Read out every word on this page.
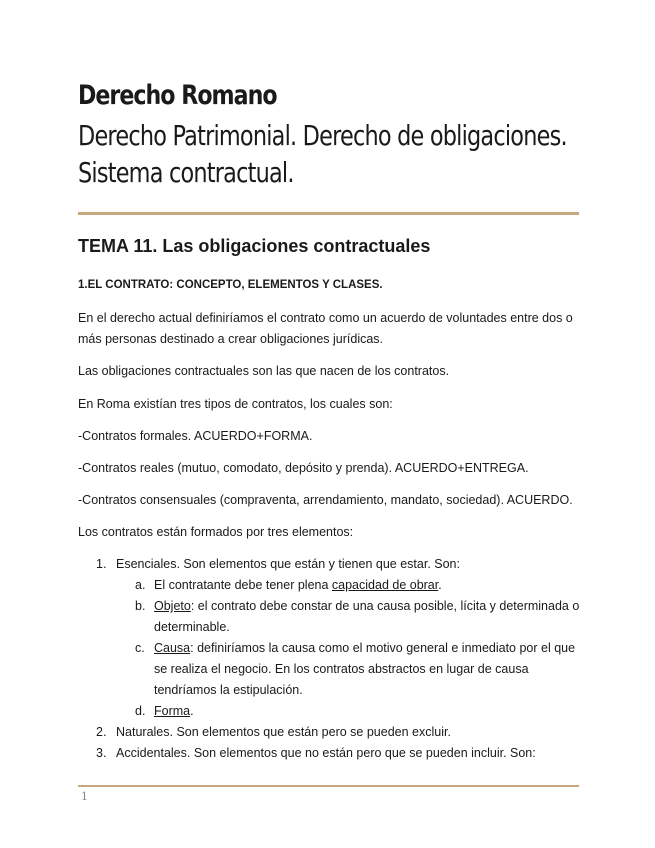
Derecho Romano
Derecho Patrimonial. Derecho de obligaciones.
Sistema contractual.
TEMA 11. Las obligaciones contractuales
1.EL CONTRATO: CONCEPTO, ELEMENTOS Y CLASES.
En el derecho actual definiríamos el contrato como un acuerdo de voluntades entre dos o
más personas destinado a crear obligaciones jurídicas.
Las obligaciones contractuales son las que nacen de los contratos.
En Roma existían tres tipos de contratos, los cuales son:
-Contratos formales. ACUERDO+FORMA.
-Contratos reales (mutuo, comodato, depósito y prenda). ACUERDO+ENTREGA.
-Contratos consensuales (compraventa, arrendamiento, mandato, sociedad). ACUERDO.
Los contratos están formados por tres elementos:
1. Esenciales. Son elementos que están y tienen que estar. Son:
a. El contratante debe tener plena capacidad de obrar.
b. Objeto: el contrato debe constar de una causa posible, lícita y determinada o
determinable.
c. Causa: definiríamos la causa como el motivo general e inmediato por el que
se realiza el negocio. En los contratos abstractos en lugar de causa
tendríamos la estipulación.
d. Forma.
2. Naturales. Son elementos que están pero se pueden excluir.
3. Accidentales. Son elementos que no están pero que se pueden incluir. Son:
1
